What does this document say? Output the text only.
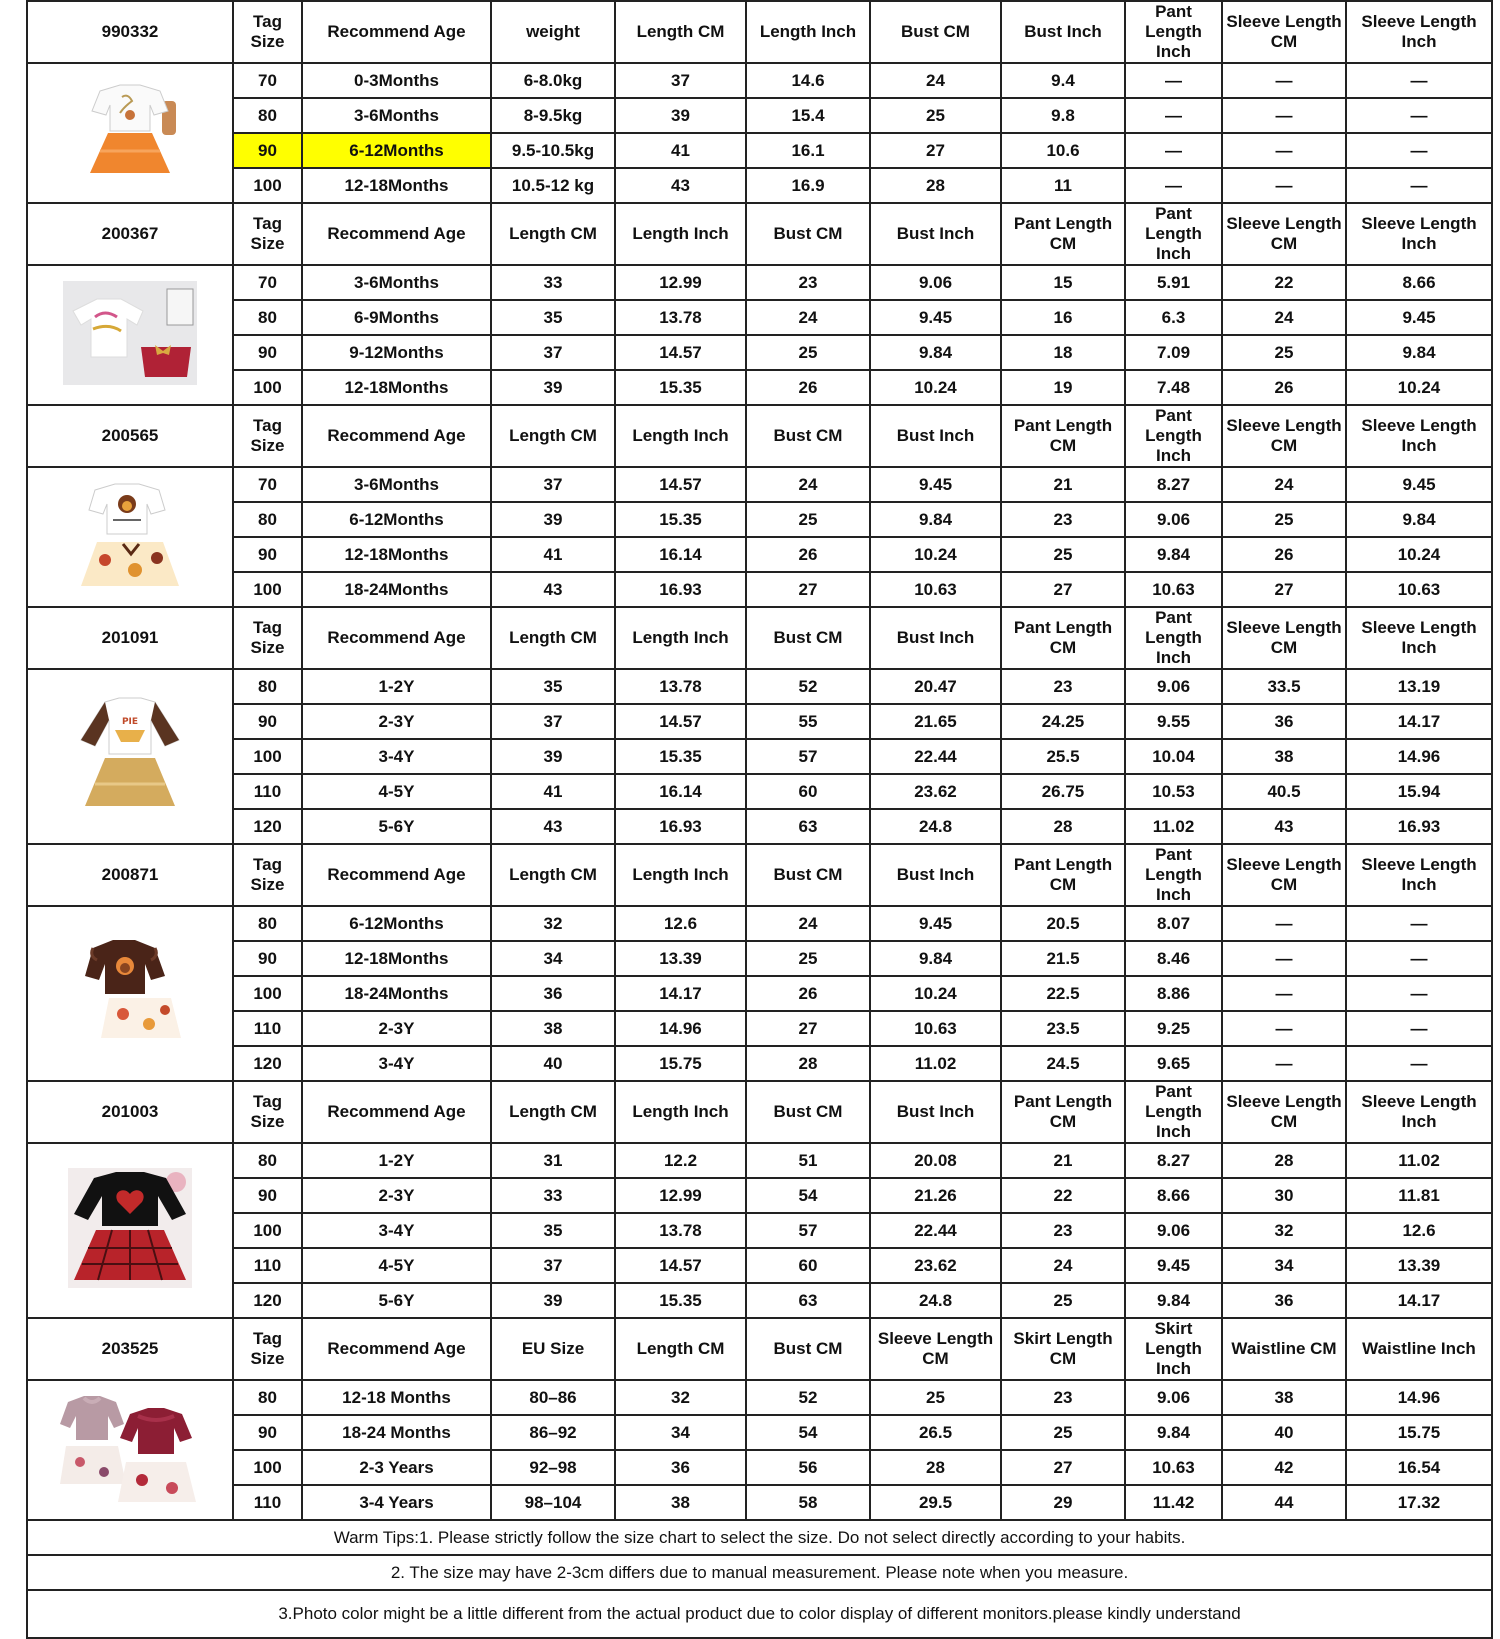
990332	Tag Size	Recommend Age	weight	Length CM	Length Inch	Bust CM	Bust Inch	Pant Length Inch	Sleeve Length CM	Sleeve Length Inch

	70	0-3Months	6-8.0kg	37	14.6	24	9.4	—	—	—
	80	3-6Months	8-9.5kg	39	15.4	25	9.8	—	—	—
	90	6-12Months	9.5-10.5kg	41	16.1	27	10.6	—	—	—
	100	12-18Months	10.5-12 kg	43	16.9	28	11	—	—	—
200367	Tag Size	Recommend Age	Length CM	Length Inch	Bust CM	Bust Inch	Pant Length CM	Pant Length Inch	Sleeve Length CM	Sleeve Length Inch

	70	3-6Months	33	12.99	23	9.06	15	5.91	22	8.66
	80	6-9Months	35	13.78	24	9.45	16	6.3	24	9.45
	90	9-12Months	37	14.57	25	9.84	18	7.09	25	9.84
	100	12-18Months	39	15.35	26	10.24	19	7.48	26	10.24
200565	Tag Size	Recommend Age	Length CM	Length Inch	Bust CM	Bust Inch	Pant Length CM	Pant Length Inch	Sleeve Length CM	Sleeve Length Inch

	70	3-6Months	37	14.57	24	9.45	21	8.27	24	9.45
	80	6-12Months	39	15.35	25	9.84	23	9.06	25	9.84
	90	12-18Months	41	16.14	26	10.24	25	9.84	26	10.24
	100	18-24Months	43	16.93	27	10.63	27	10.63	27	10.63
201091	Tag Size	Recommend Age	Length CM	Length Inch	Bust CM	Bust Inch	Pant Length CM	Pant Length Inch	Sleeve Length CM	Sleeve Length Inch

PIE	80	1-2Y	35	13.78	52	20.47	23	9.06	33.5	13.19
	90	2-3Y	37	14.57	55	21.65	24.25	9.55	36	14.17
	100	3-4Y	39	15.35	57	22.44	25.5	10.04	38	14.96
	110	4-5Y	41	16.14	60	23.62	26.75	10.53	40.5	15.94
	120	5-6Y	43	16.93	63	24.8	28	11.02	43	16.93
200871	Tag Size	Recommend Age	Length CM	Length Inch	Bust CM	Bust Inch	Pant Length CM	Pant Length Inch	Sleeve Length CM	Sleeve Length Inch

	80	6-12Months	32	12.6	24	9.45	20.5	8.07	—	—
	90	12-18Months	34	13.39	25	9.84	21.5	8.46	—	—
	100	18-24Months	36	14.17	26	10.24	22.5	8.86	—	—
	110	2-3Y	38	14.96	27	10.63	23.5	9.25	—	—
	120	3-4Y	40	15.75	28	11.02	24.5	9.65	—	—
201003	Tag Size	Recommend Age	Length CM	Length Inch	Bust CM	Bust Inch	Pant Length CM	Pant Length Inch	Sleeve Length CM	Sleeve Length Inch

	80	1-2Y	31	12.2	51	20.08	21	8.27	28	11.02
	90	2-3Y	33	12.99	54	21.26	22	8.66	30	11.81
	100	3-4Y	35	13.78	57	22.44	23	9.06	32	12.6
	110	4-5Y	37	14.57	60	23.62	24	9.45	34	13.39
	120	5-6Y	39	15.35	63	24.8	25	9.84	36	14.17
203525	Tag Size	Recommend Age	EU Size	Length CM	Bust CM	Sleeve Length CM	Skirt Length CM	Skirt Length Inch	Waistline CM	Waistline Inch

	80	12-18 Months	80–86	32	52	25	23	9.06	38	14.96
	90	18-24 Months	86–92	34	54	26.5	25	9.84	40	15.75
	100	2-3 Years	92–98	36	56	28	27	10.63	42	16.54
	110	3-4 Years	98–104	38	58	29.5	29	11.42	44	17.32
Warm Tips:1. Please strictly follow the size chart to select the size. Do not select directly according to your habits.										
2. The size may have 2-3cm differs due to manual measurement. Please note when you measure.										
3.Photo color might be a little different from the actual product due to color display of different monitors.please kindly understand										
